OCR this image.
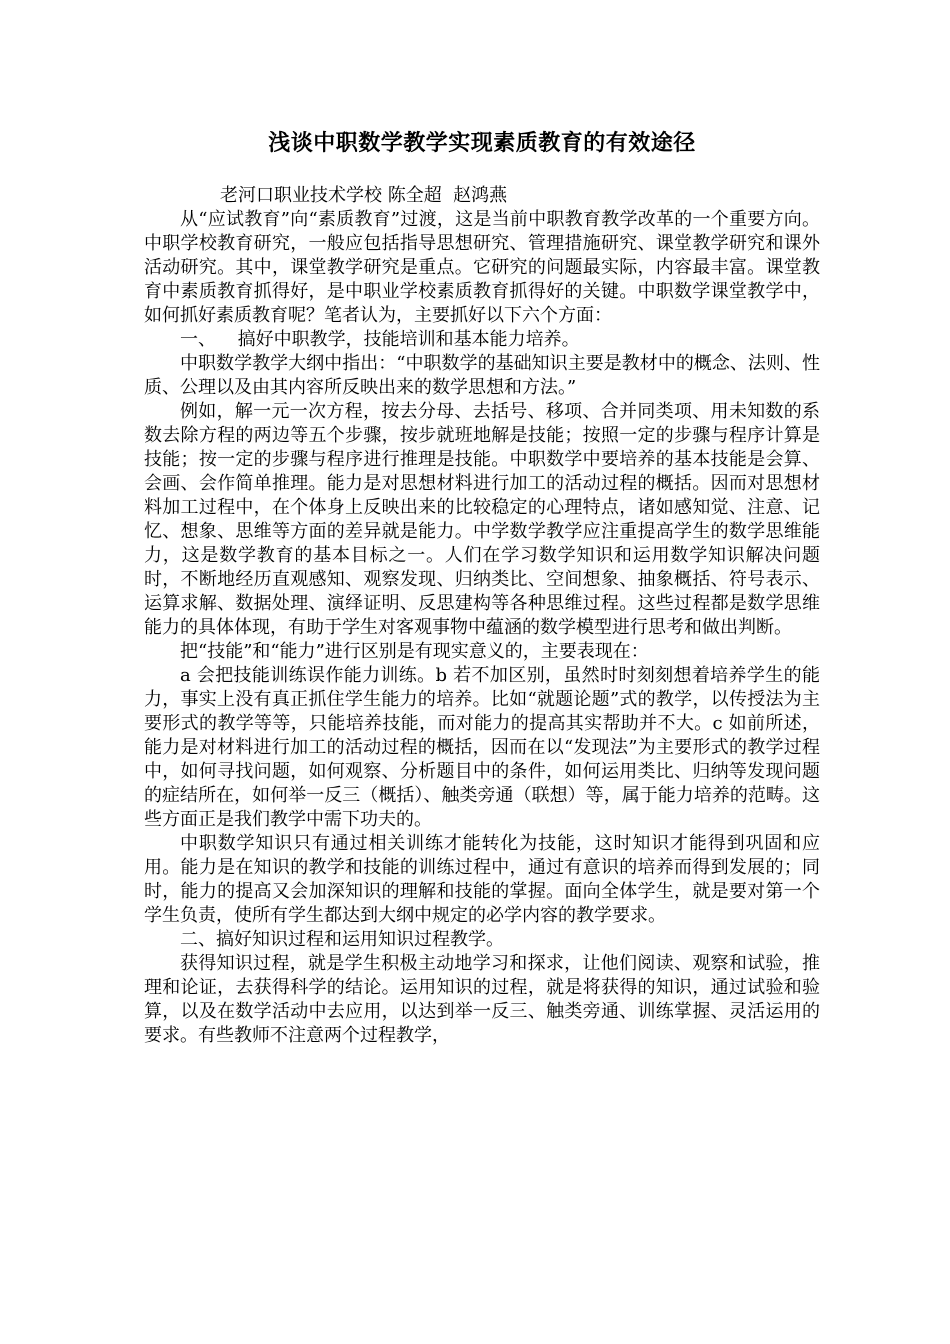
浅谈中职数学教学实现素质教育的有效途径

老河口职业技术学校 陈全超  赵鸿燕

从“应试教育”向“素质教育”过渡，这是当前中职教育教学改革的一个重要方向。中职学校教育研究，一般应包括指导思想研究、管理措施研究、课堂教学研究和课外活动研究。其中，课堂教学研究是重点。它研究的问题最实际，内容最丰富。课堂教育中素质教育抓得好，是中职业学校素质教育抓得好的关键。中职数学课堂教学中，如何抓好素质教育呢？笔者认为，主要抓好以下六个方面：

一、 搞好中职教学，技能培训和基本能力培养。

中职数学教学大纲中指出：“中职数学的基础知识主要是教材中的概念、法则、性质、公理以及由其内容所反映出来的数学思想和方法。”

例如，解一元一次方程，按去分母、去括号、移项、合并同类项、用未知数的系数去除方程的两边等五个步骤，按步就班地解是技能；按照一定的步骤与程序计算是技能；按一定的步骤与程序进行推理是技能。中职数学中要培养的基本技能是会算、会画、会作简单推理。能力是对思想材料进行加工的活动过程的概括。因而对思想材料加工过程中，在个体身上反映出来的比较稳定的心理特点，诸如感知觉、注意、记忆、想象、思维等方面的差异就是能力。中学数学教学应注重提高学生的数学思维能力，这是数学教育的基本目标之一。人们在学习数学知识和运用数学知识解决问题时，不断地经历直观感知、观察发现、归纳类比、空间想象、抽象概括、符号表示、运算求解、数据处理、演绎证明、反思建构等各种思维过程。这些过程都是数学思维能力的具体体现，有助于学生对客观事物中蕴涵的数学模型进行思考和做出判断。

把“技能”和“能力”进行区别是有现实意义的，主要表现在：

a 会把技能训练误作能力训练。b 若不加区别，虽然时时刻刻想着培养学生的能力，事实上没有真正抓住学生能力的培养。比如“就题论题”式的教学，以传授法为主要形式的教学等等，只能培养技能，而对能力的提高其实帮助并不大。c 如前所述，能力是对材料进行加工的活动过程的概括，因而在以“发现法”为主要形式的教学过程中，如何寻找问题，如何观察、分析题目中的条件，如何运用类比、归纳等发现问题的症结所在，如何举一反三（概括）、触类旁通（联想）等，属于能力培养的范畴。这些方面正是我们教学中需下功夫的。

中职数学知识只有通过相关训练才能转化为技能，这时知识才能得到巩固和应用。能力是在知识的教学和技能的训练过程中，通过有意识的培养而得到发展的；同时，能力的提高又会加深知识的理解和技能的掌握。面向全体学生，就是要对第一个学生负责，使所有学生都达到大纲中规定的必学内容的教学要求。

二、搞好知识过程和运用知识过程教学。

获得知识过程，就是学生积极主动地学习和探求，让他们阅读、观察和试验，推理和论证，去获得科学的结论。运用知识的过程，就是将获得的知识，通过试验和验算，以及在数学活动中去应用，以达到举一反三、触类旁通、训练掌握、灵活运用的要求。有些教师不注意两个过程教学，
